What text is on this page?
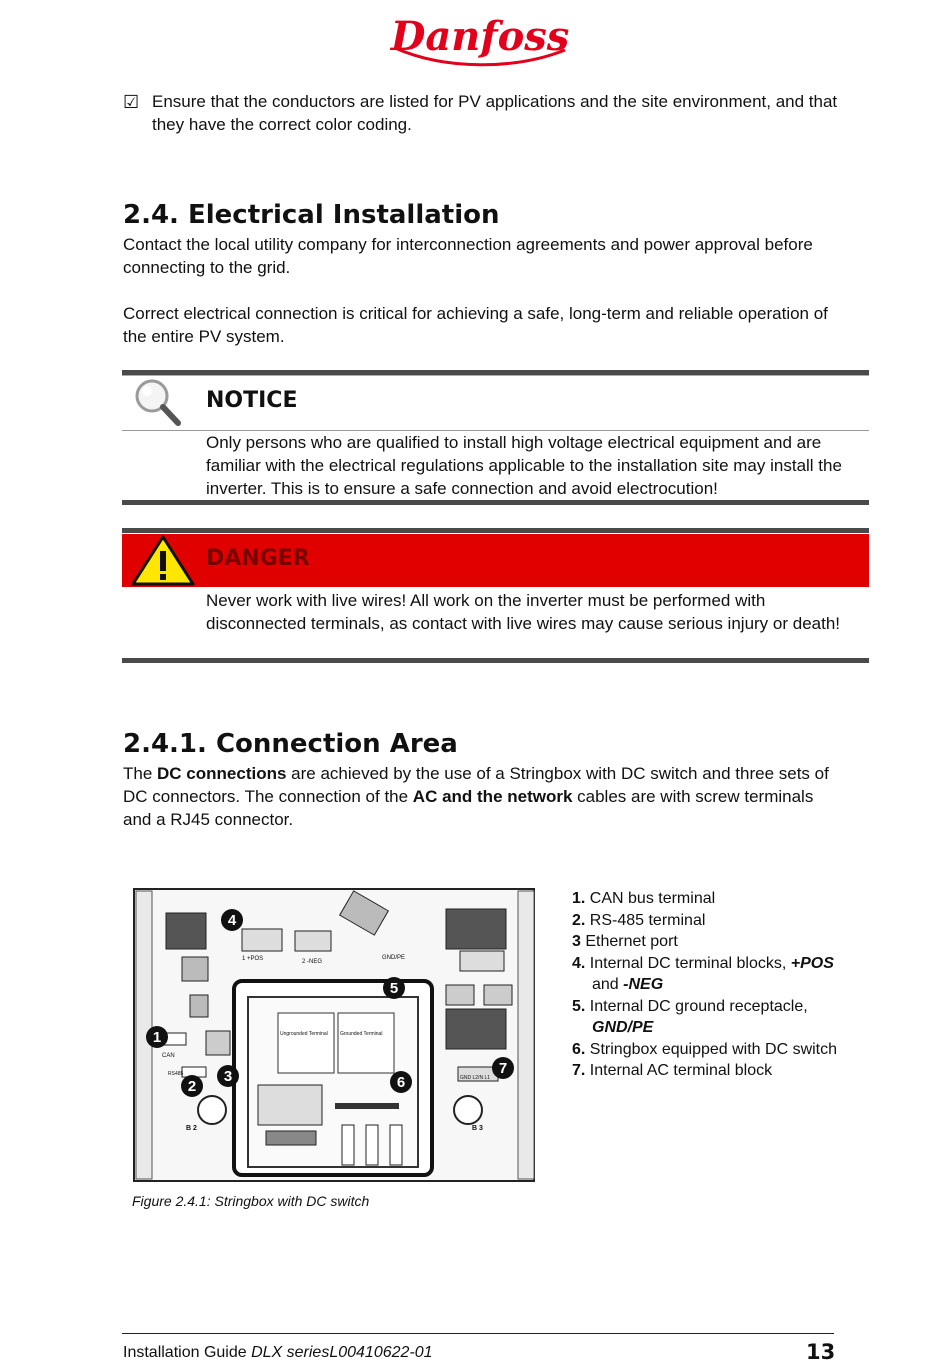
Danfoss
☑ Ensure that the conductors are listed for PV applications and the site environment, and that they have the correct color coding.
2.4. Electrical Installation

Contact the local utility company for interconnection agreements and power approval before connecting to the grid.

Correct electrical connection is critical for achieving a safe, long-term and reliable operation of the entire PV system.

NOTICE

Only persons who are qualified to install high voltage electrical equipment and are familiar with the electrical regulations applicable to the installation site may install the inverter. This is to ensure a safe connection and avoid electrocution!

DANGER

Never work with live wires! All work on the inverter must be performed with disconnected terminals, as contact with live wires may cause serious injury or death!

2.4.1. Connection Area

The DC connections are achieved by the use of a Stringbox with DC switch and three sets of DC connectors. The connection of the AC and the network cables are with screw terminals and a RJ45 connector.

1 +POS	2 -NEG
GND/PE
CAN
RS485
B 2
GND L2/N L1
B 3
Ungrounded Terminal Grounded Terminal
1
2
3
4
5
6
7
Figure 2.4.1: Stringbox with DC switch
1. CAN bus terminal
2. RS-485 terminal
3 Ethernet port
4. Internal DC terminal blocks, +POS
and -NEG
5. Internal DC ground receptacle,
GND/PE
6. Stringbox equipped with DC switch
7. Internal AC terminal block
Installation Guide DLX seriesL00410622-01	13
